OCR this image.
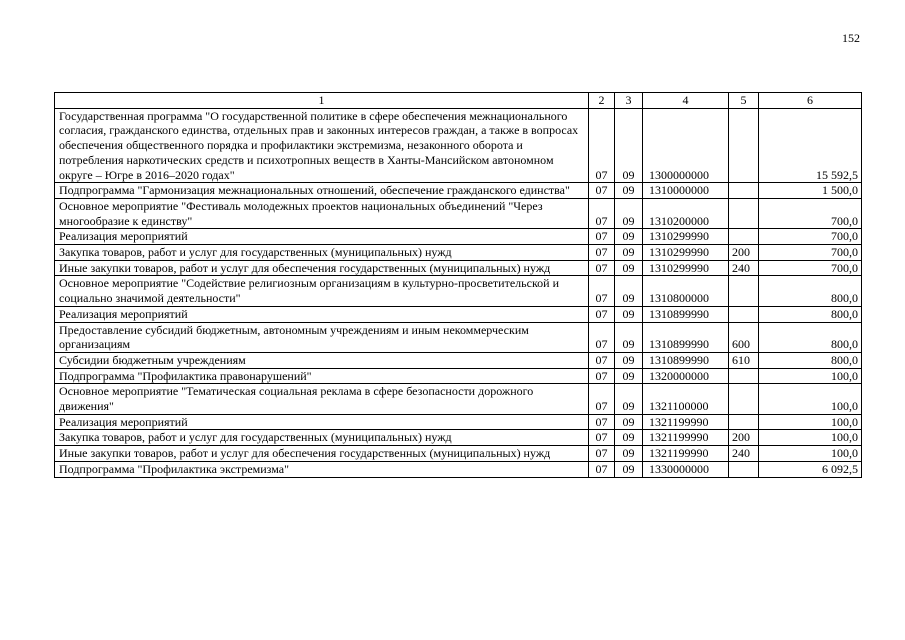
152
1	2	3	4	5	6
Государственная программа "О государственной политике в сфере обеспечения межнационального согласия, гражданского единства, отдельных прав и законных интересов граждан, а также в вопросах обеспечения общественного порядка и профилактики экстремизма, незаконного оборота и потребления наркотических средств и психотропных веществ в Ханты-Мансийском автономном округе – Югре в 2016–2020 годах"	07	09	1300000000		15 592,5
Подпрограмма "Гармонизация межнациональных отношений, обеспечение гражданского единства"	07	09	1310000000		1 500,0
Основное мероприятие "Фестиваль молодежных проектов национальных объединений "Через многообразие к единству"	07	09	1310200000		700,0
Реализация мероприятий	07	09	1310299990		700,0
Закупка товаров, работ и услуг для государственных (муниципальных) нужд	07	09	1310299990	200	700,0
Иные закупки товаров, работ и услуг для обеспечения государственных (муниципальных) нужд	07	09	1310299990	240	700,0
Основное мероприятие "Содействие религиозным организациям в культурно-просветительской и социально значимой деятельности"	07	09	1310800000		800,0
Реализация мероприятий	07	09	1310899990		800,0
Предоставление субсидий бюджетным, автономным учреждениям и иным некоммерческим организациям	07	09	1310899990	600	800,0
Субсидии бюджетным учреждениям	07	09	1310899990	610	800,0
Подпрограмма "Профилактика правонарушений"	07	09	1320000000		100,0
Основное мероприятие "Тематическая социальная реклама в сфере безопасности дорожного движения"	07	09	1321100000		100,0
Реализация мероприятий	07	09	1321199990		100,0
Закупка товаров, работ и услуг для государственных (муниципальных) нужд	07	09	1321199990	200	100,0
Иные закупки товаров, работ и услуг для обеспечения государственных (муниципальных) нужд	07	09	1321199990	240	100,0
Подпрограмма "Профилактика экстремизма"	07	09	1330000000		6 092,5
